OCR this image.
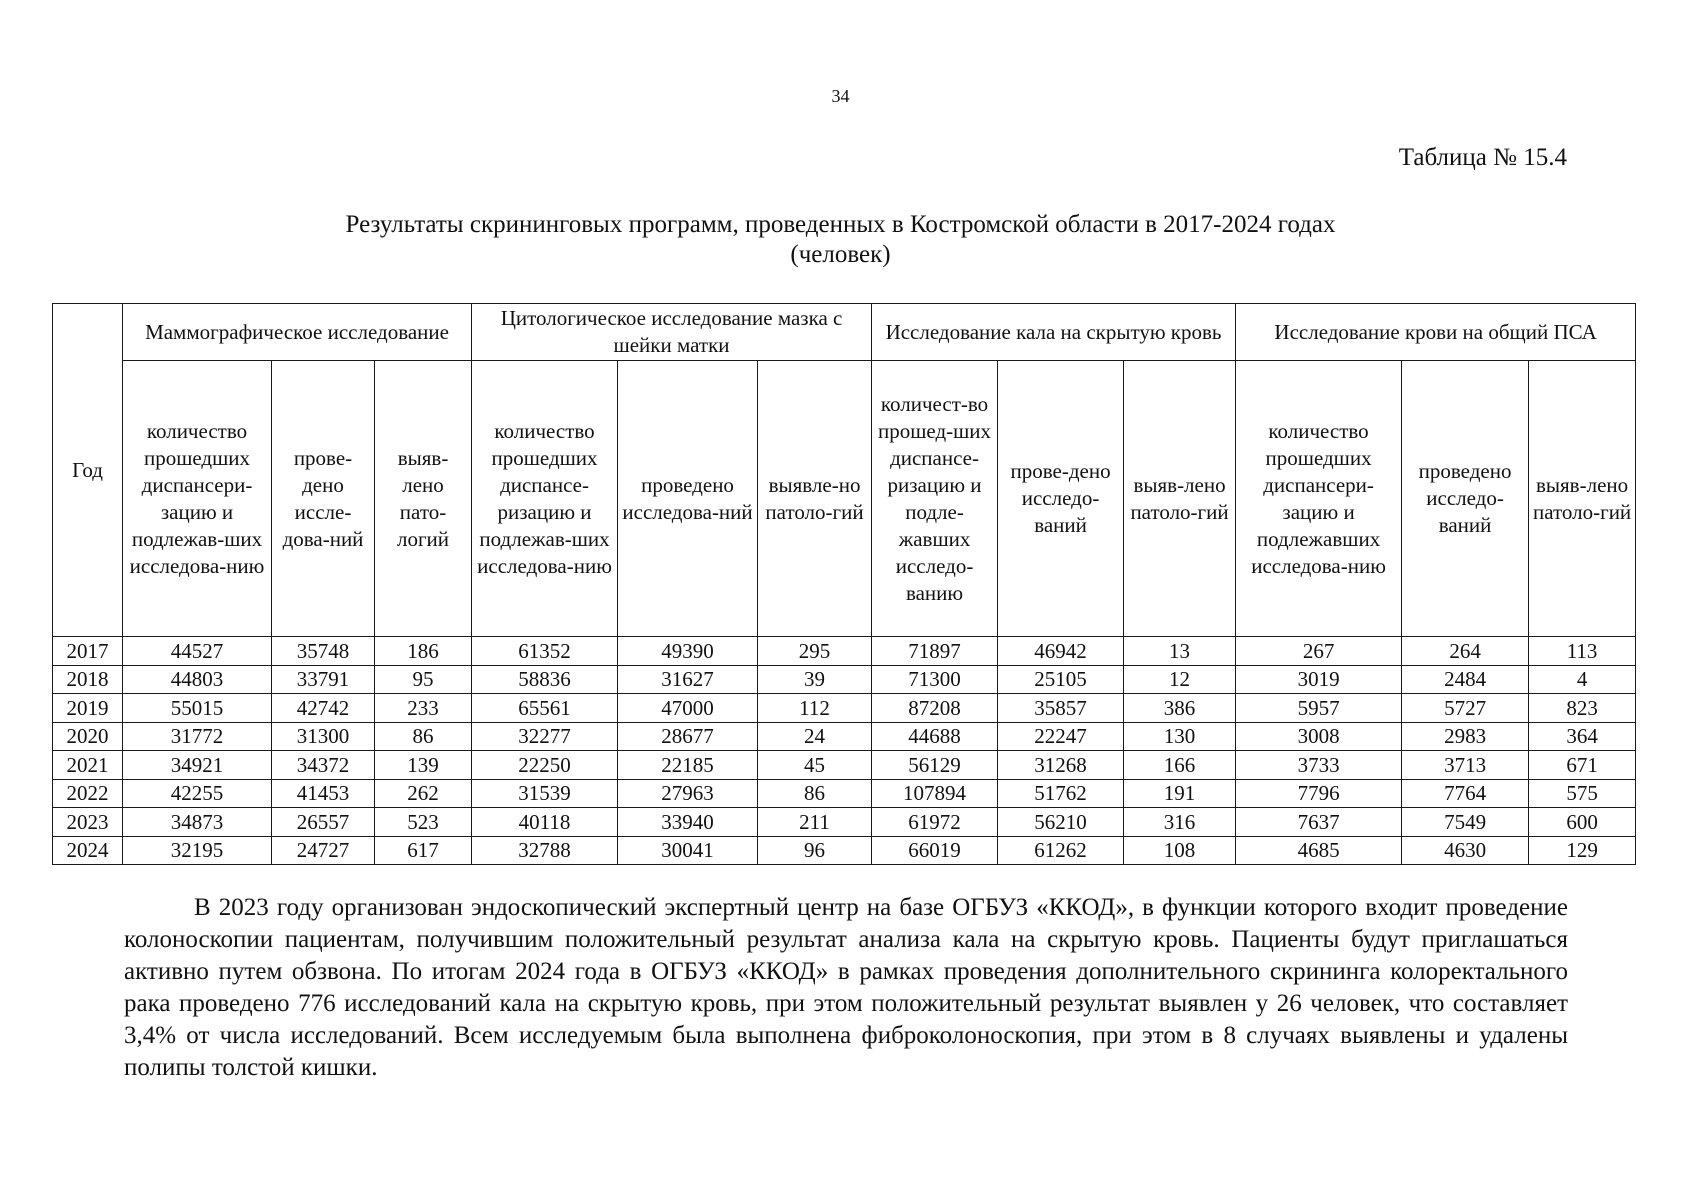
34
Таблица № 15.4
Результаты скрининговых программ, проведенных в Костромской области в 2017-2024 годах
(человек)
Год	Маммографическое исследование			Цитологическое исследование мазка с шейки матки			Исследование кала на скрытую кровь			Исследование крови на общий ПСА		
	количество прошедших диспансери-зацию и подлежав-ших исследова-нию	прове-дено иссле-дова-ний	выяв-лено пато-логий	количество прошедших диспансе-ризацию и подлежав-ших исследова-нию	проведено исследова-ний	выявле-но патоло-гий	количест-во прошед-ших диспансе-ризацию и подле-жавших исследо-ванию	прове-дено исследо-ваний	выяв-лено патоло-гий	количество прошедших диспансери-зацию и подлежавших исследова-нию	проведено исследо-ваний	выяв-лено патоло-гий
2017	44527	35748	186	61352	49390	295	71897	46942	13	267	264	113
2018	44803	33791	95	58836	31627	39	71300	25105	12	3019	2484	4
2019	55015	42742	233	65561	47000	112	87208	35857	386	5957	5727	823
2020	31772	31300	86	32277	28677	24	44688	22247	130	3008	2983	364
2021	34921	34372	139	22250	22185	45	56129	31268	166	3733	3713	671
2022	42255	41453	262	31539	27963	86	107894	51762	191	7796	7764	575
2023	34873	26557	523	40118	33940	211	61972	56210	316	7637	7549	600
2024	32195	24727	617	32788	30041	96	66019	61262	108	4685	4630	129

В 2023 году организован эндоскопический экспертный центр на базе ОГБУЗ «ККОД», в функции которого входит проведение колоноскопии пациентам, получившим положительный результат анализа кала на скрытую кровь. Пациенты будут приглашаться активно путем обзвона. По итогам 2024 года в ОГБУЗ «ККОД» в рамках проведения дополнительного скрининга колоректального рака проведено 776 исследований кала на скрытую кровь, при этом положительный результат выявлен у 26 человек, что составляет 3,4% от числа исследований. Всем исследуемым была выполнена фиброколоноскопия, при этом в 8 случаях выявлены и удалены полипы толстой кишки.
